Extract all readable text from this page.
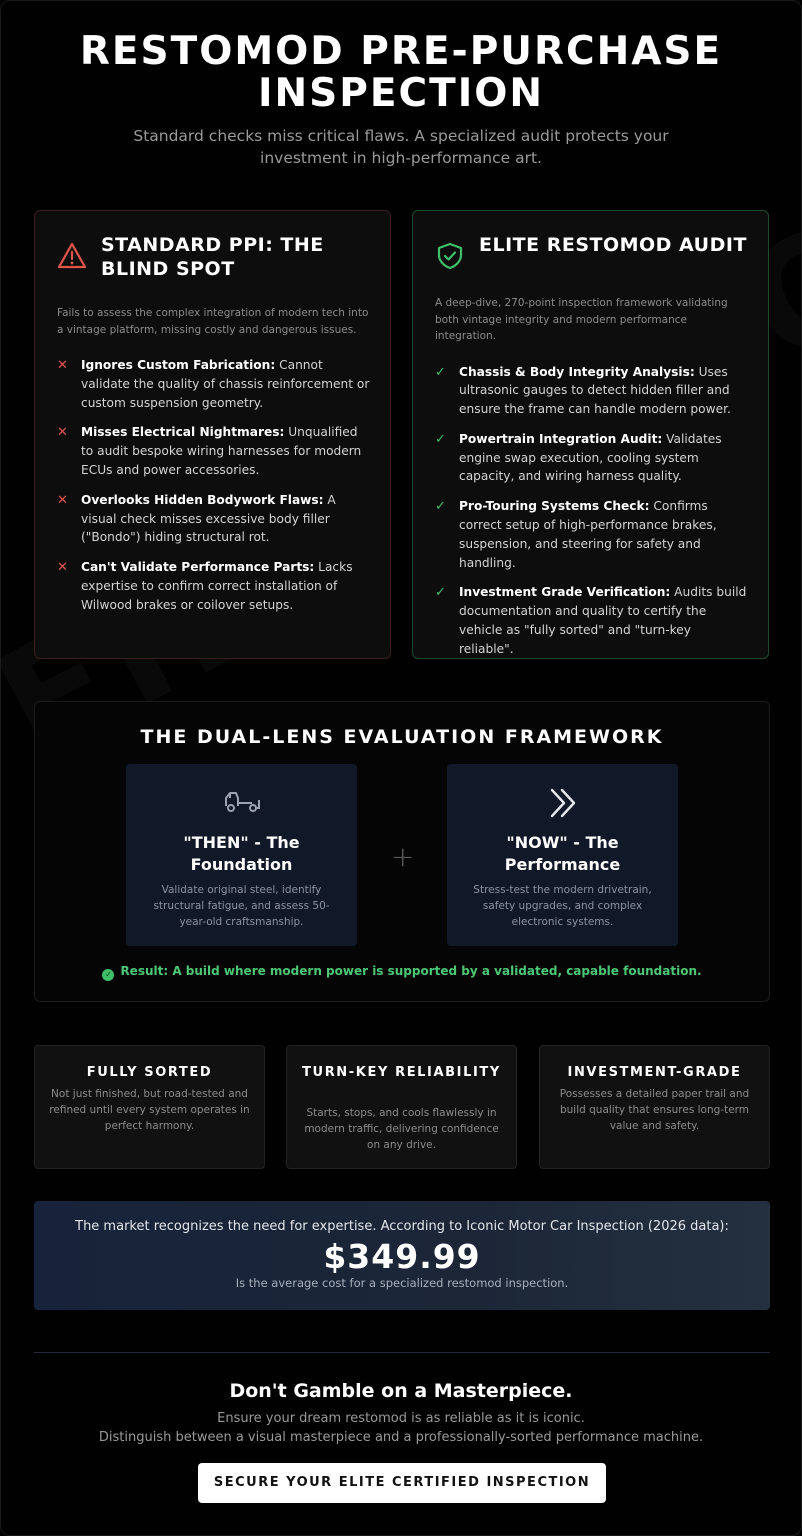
RESTOMOD PRE-PURCHASE
INSPECTION
Standard checks miss critical flaws. A specialized audit protects your investment in high-performance art.
STANDARD PPI: THE BLIND SPOT
Fails to assess the complex integration of modern tech into a vintage platform, missing costly and dangerous issues.
✕ Ignores Custom Fabrication: Cannot validate the quality of chassis reinforcement or custom suspension geometry.
✕ Misses Electrical Nightmares: Unqualified to audit bespoke wiring harnesses for modern ECUs and power accessories.
✕ Overlooks Hidden Bodywork Flaws: A visual check misses excessive body filler ("Bondo") hiding structural rot.
✕ Can't Validate Performance Parts: Lacks expertise to confirm correct installation of Wilwood brakes or coilover setups.
ELITE RESTOMOD AUDIT
A deep-dive, 270-point inspection framework validating both vintage integrity and modern performance integration.
✓ Chassis & Body Integrity Analysis: Uses ultrasonic gauges to detect hidden filler and ensure the frame can handle modern power.
✓ Powertrain Integration Audit: Validates engine swap execution, cooling system capacity, and wiring harness quality.
✓ Pro-Touring Systems Check: Confirms correct setup of high-performance brakes, suspension, and steering for safety and handling.
✓ Investment Grade Verification: Audits build documentation and quality to certify the vehicle as "fully sorted" and "turn-key reliable".
THE DUAL-LENS EVALUATION FRAMEWORK
"THEN" - The Foundation
Validate original steel, identify structural fatigue, and assess 50-year-old craftsmanship.
+	"NOW" - The Performance
Stress-test the modern drivetrain, safety upgrades, and complex electronic systems.
✓ Result: A build where modern power is supported by a validated, capable foundation.
FULLY SORTED
Not just finished, but road-tested and refined until every system operates in perfect harmony.
TURN-KEY RELIABILITY
Starts, stops, and cools flawlessly in modern traffic, delivering confidence on any drive.
INVESTMENT-GRADE
Possesses a detailed paper trail and build quality that ensures long-term value and safety.
The market recognizes the need for expertise. According to Iconic Motor Car Inspection (2026 data):
$349.99
Is the average cost for a specialized restomod inspection.
Don't Gamble on a Masterpiece.
Ensure your dream restomod is as reliable as it is iconic.
Distinguish between a visual masterpiece and a professionally-sorted performance machine.
SECURE YOUR ELITE CERTIFIED INSPECTION
